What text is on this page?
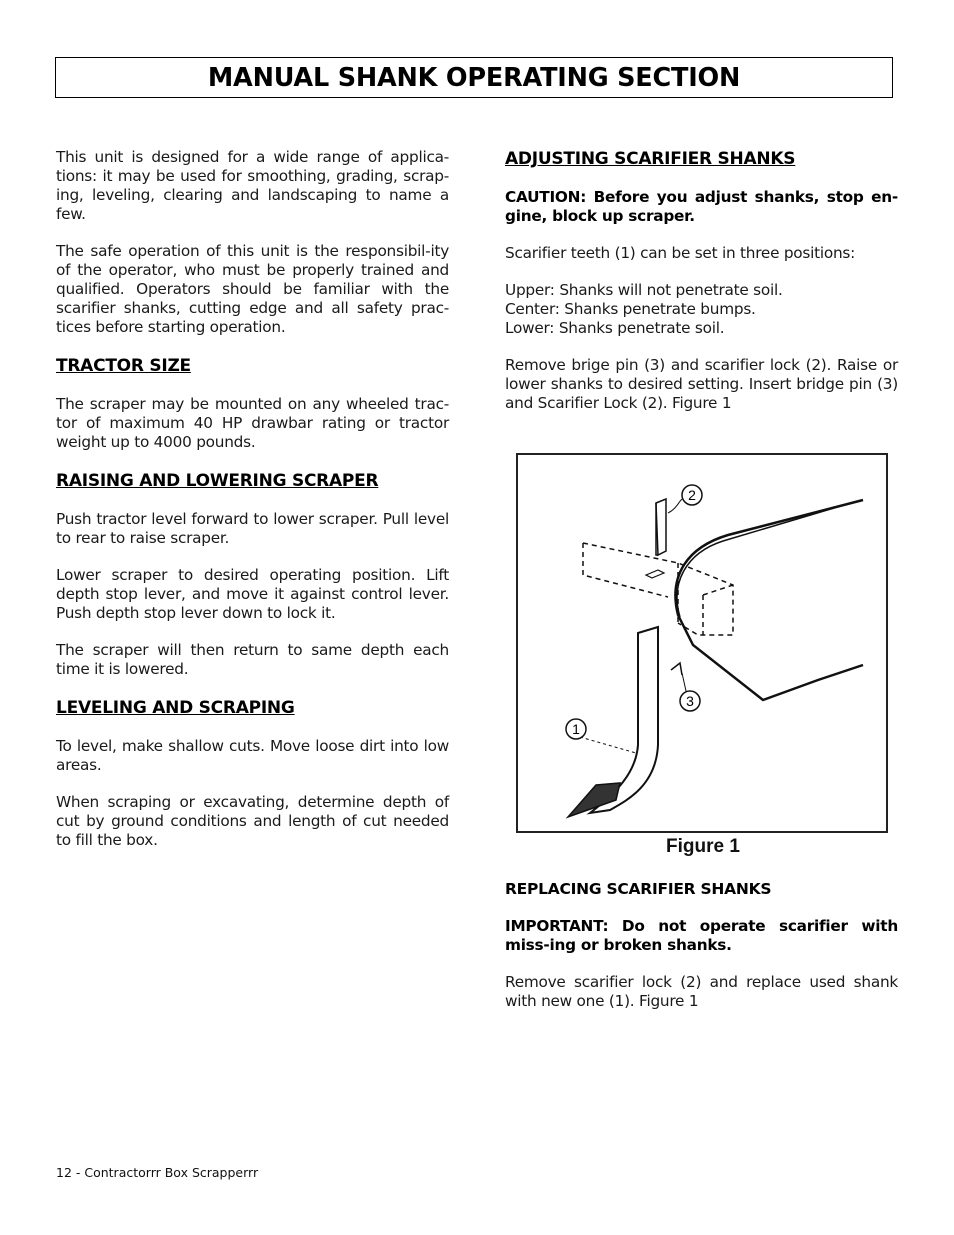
MANUAL SHANK OPERATING SECTION

This unit is designed for a wide range of applica-tions: it may be used for smoothing, grading, scrap-ing, leveling, clearing and landscaping to name a few.

The safe operation of this unit is the responsibil-ity of the operator, who must be properly trained and qualified. Operators should be familiar with the scarifier shanks, cutting edge and all safety prac-tices before starting operation.

TRACTOR SIZE

The scraper may be mounted on any wheeled trac-tor of maximum 40 HP drawbar rating or tractor weight up to 4000 pounds.

RAISING AND LOWERING SCRAPER

Push tractor level forward to lower scraper. Pull level to rear to raise scraper.

Lower scraper to desired operating position. Lift depth stop lever, and move it against control lever. Push depth stop lever down to lock it.

The scraper will then return to same depth each time it is lowered.

LEVELING AND SCRAPING

To level, make shallow cuts. Move loose dirt into low areas.

When scraping or excavating, determine depth of cut by ground conditions and length of cut needed to fill the box.

ADJUSTING SCARIFIER SHANKS

CAUTION: Before you adjust shanks, stop en-gine, block up scraper.

Scarifier teeth (1) can be set in three positions:

Upper: Shanks will not penetrate soil.
Center: Shanks penetrate bumps.
Lower: Shanks penetrate soil.

Remove brige pin (3) and scarifier lock (2). Raise or lower shanks to desired setting. Insert bridge pin (3) and Scarifier Lock (2). Figure 1

2
3
1
Figure 1
REPLACING SCARIFIER SHANKS

IMPORTANT: Do not operate scarifier with miss-ing or broken shanks.

Remove scarifier lock (2) and replace used shank with new one (1). Figure 1

12 - Contractorrr Box Scrapperrr
